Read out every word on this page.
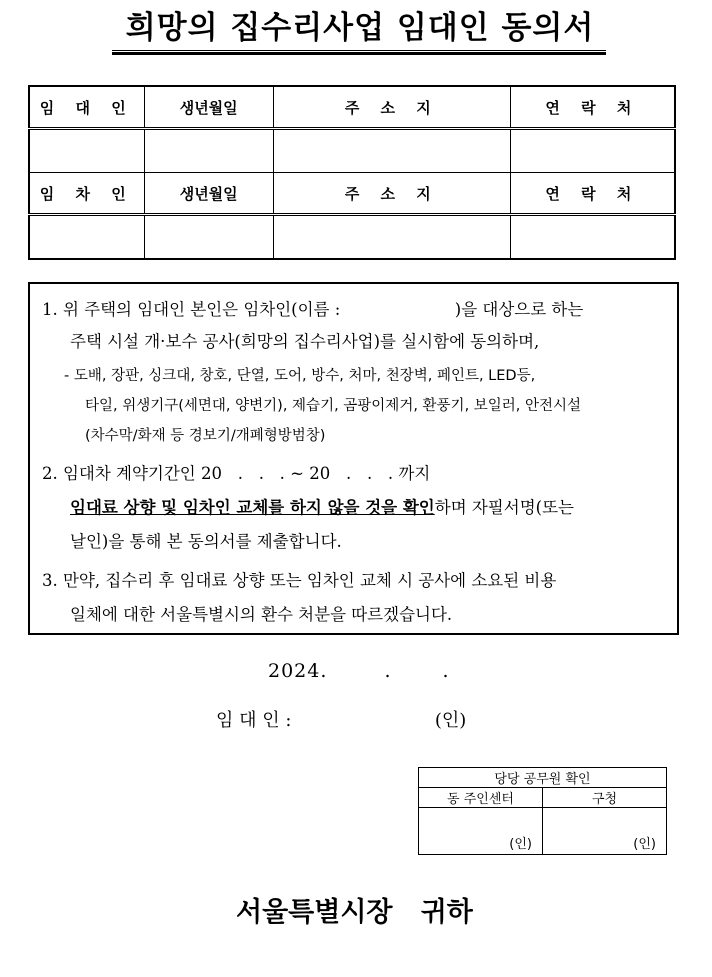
희망의 집수리사업 임대인 동의서
임 대 인	생년월일	주 소 지	연 락 처

임 차 인	생년월일	주 소 지	연 락 처

1. 위 주택의 임대인 본인은 임차인(이름 :	)을 대상으로 하는
주택 시설 개·보수 공사(희망의 집수리사업)를 실시함에 동의하며,
- 도배, 장판, 싱크대, 창호, 단열, 도어, 방수, 처마, 천장벽, 페인트, LED등,
타일, 위생기구(세면대, 양변기), 제습기, 곰팡이제거, 환풍기, 보일러, 안전시설
(차수막/화재 등 경보기/개폐형방범창)
2. 임대차 계약기간인 20   .   .   . ~ 20   .   .   . 까지
임대료 상향 및 임차인 교체를 하지 않을 것을 확인하며 자필서명(또는
날인)을 통해 본 동의서를 제출합니다.
3. 만약, 집수리 후 임대료 상향 또는 임차인 교체 시 공사에 소요된 비용
일체에 대한 서울특별시의 환수 처분을 따르겠습니다.
2024.	.	.
임 대 인 :	(인)
당당 공무원 확인	
동 주인센터	구청
(인)	(인)
서울특별시장   귀하
